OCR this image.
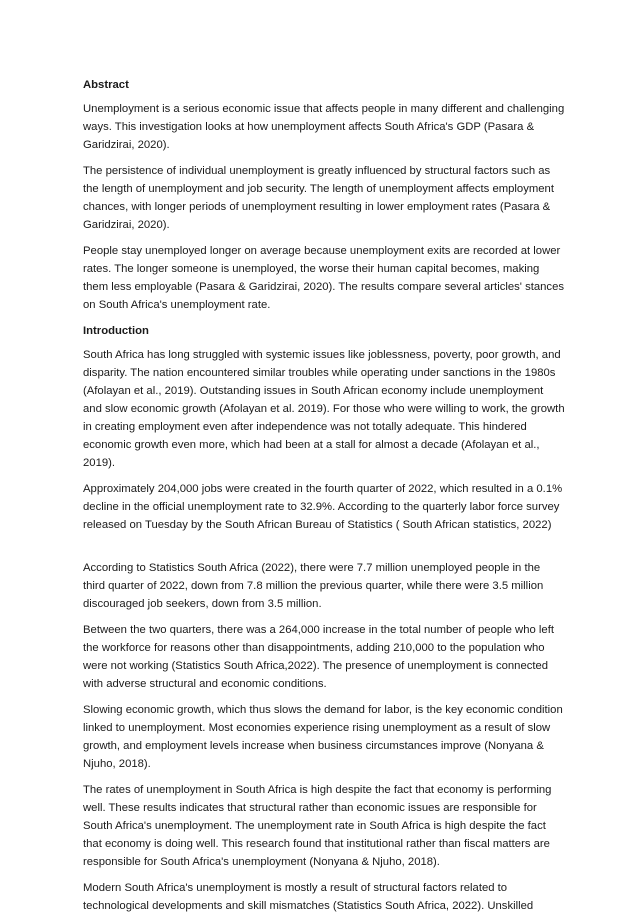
Abstract

Unemployment is a serious economic issue that affects people in many different and challenging ways. This investigation looks at how unemployment affects South Africa's GDP (Pasara & Garidzirai, 2020).

The persistence of individual unemployment is greatly influenced by structural factors such as the length of unemployment and job security. The length of unemployment affects employment chances, with longer periods of unemployment resulting in lower employment rates (Pasara & Garidzirai, 2020).

People stay unemployed longer on average because unemployment exits are recorded at lower rates. The longer someone is unemployed, the worse their human capital becomes, making them less employable (Pasara & Garidzirai, 2020). The results compare several articles' stances on South Africa's unemployment rate.

Introduction

South Africa has long struggled with systemic issues like joblessness, poverty, poor growth, and disparity. The nation encountered similar troubles while operating under sanctions in the 1980s (Afolayan et al., 2019). Outstanding issues in South African economy include unemployment and slow economic growth (Afolayan et al. 2019). For those who were willing to work, the growth in creating employment even after independence was not totally adequate. This hindered economic growth even more, which had been at a stall for almost a decade (Afolayan et al., 2019).

Approximately 204,000 jobs were created in the fourth quarter of 2022, which resulted in a 0.1% decline in the official unemployment rate to 32.9%. According to the quarterly labor force survey released on Tuesday by the South African Bureau of Statistics ( South African statistics, 2022)

According to Statistics South Africa (2022), there were 7.7 million unemployed people in the third quarter of 2022, down from 7.8 million the previous quarter, while there were 3.5 million discouraged job seekers, down from 3.5 million.

Between the two quarters, there was a 264,000 increase in the total number of people who left the workforce for reasons other than disappointments, adding 210,000 to the population who were not working (Statistics South Africa,2022). The presence of unemployment is connected with adverse structural and economic conditions.

Slowing economic growth, which thus slows the demand for labor, is the key economic condition linked to unemployment. Most economies experience rising unemployment as a result of slow growth, and employment levels increase when business circumstances improve (Nonyana & Njuho, 2018).

The rates of unemployment in South Africa is high despite the fact that economy is performing well. These results indicates that structural rather than economic issues are responsible for South Africa's unemployment. The unemployment rate in South Africa is high despite the fact that economy is doing well. This research found that institutional rather than fiscal matters are responsible for South Africa's unemployment (Nonyana & Njuho, 2018).

Modern South Africa's unemployment is mostly a result of structural factors related to technological developments and skill mismatches (Statistics South Africa, 2022). Unskilled
